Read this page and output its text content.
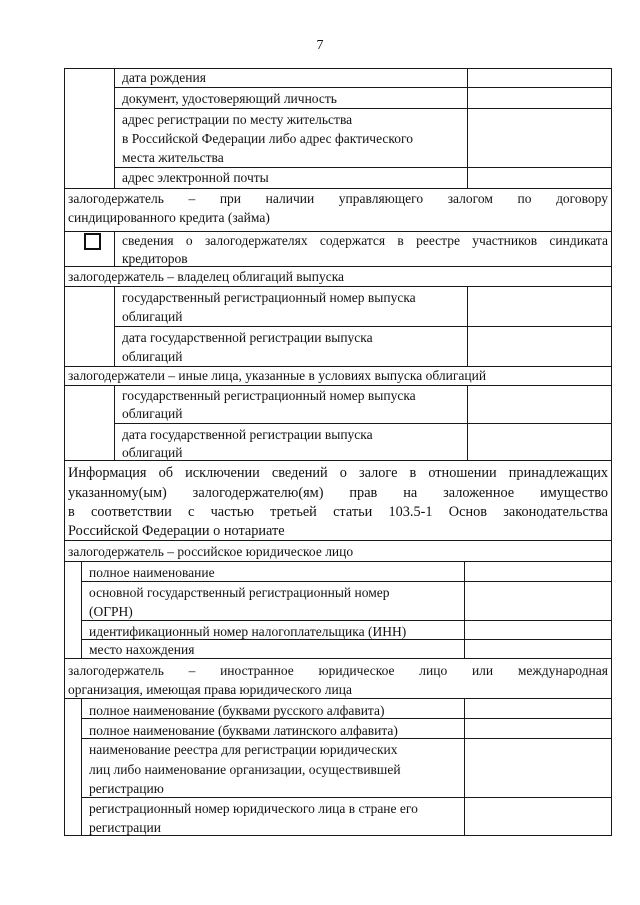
7
дата рождения
документ, удостоверяющий личность
адрес регистрации по месту жительства
в Российской Федерации либо адрес фактического
места жительства
адрес электронной почты
залогодержатель – при наличии управляющего залогом по договору
синдицированного кредита (займа)
сведения о залогодержателях содержатся в реестре участников синдиката
кредиторов
залогодержатель – владелец облигаций выпуска
государственный регистрационный номер выпуска
облигаций
дата государственной регистрации выпуска
облигаций
залогодержатели – иные лица, указанные в условиях выпуска облигаций
государственный регистрационный номер выпуска
облигаций
дата государственной регистрации выпуска
облигаций
Информация об исключении сведений о залоге в отношении принадлежащих
указанному(ым) залогодержателю(ям) прав на заложенное имущество
в соответствии с частью третьей статьи 103.5-1 Основ законодательства
Российской Федерации о нотариате
залогодержатель – российское юридическое лицо
полное наименование
основной государственный регистрационный номер
(ОГРН)
идентификационный номер налогоплательщика (ИНН)
место нахождения
залогодержатель – иностранное юридическое лицо или международная
организация, имеющая права юридического лица
полное наименование (буквами русского алфавита)
полное наименование (буквами латинского алфавита)
наименование реестра для регистрации юридических
лиц либо наименование организации, осуществившей
регистрацию
регистрационный номер юридического лица в стране его
регистрации
